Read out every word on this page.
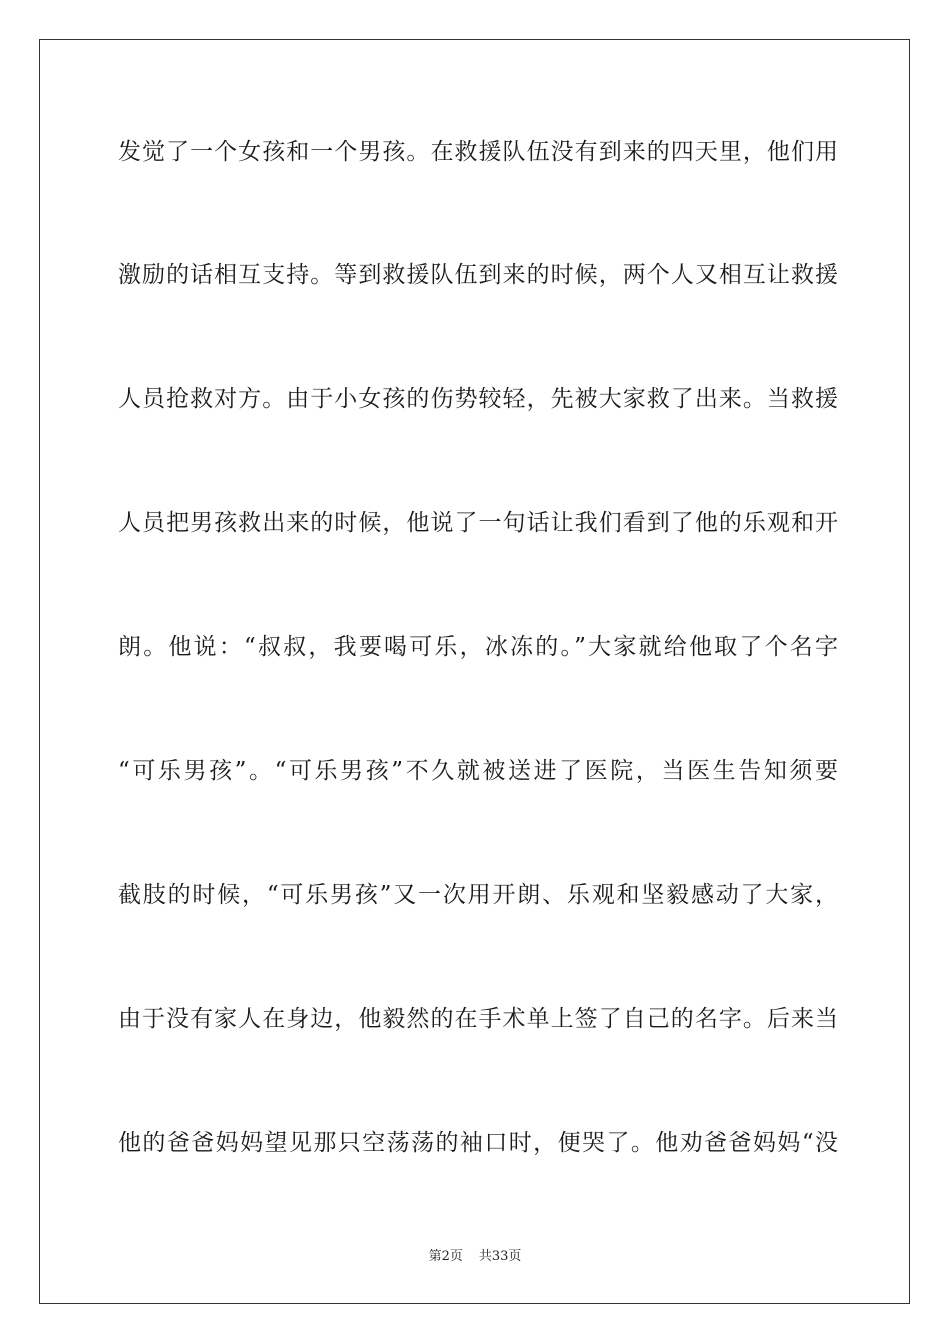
发觉了一个女孩和一个男孩。在救援队伍没有到来的四天里，他们用
激励的话相互支持。等到救援队伍到来的时候，两个人又相互让救援
人员抢救对方。由于小女孩的伤势较轻，先被大家救了出来。当救援
人员把男孩救出来的时候，他说了一句话让我们看到了他的乐观和开
朗。他说：“叔叔，我要喝可乐，冰冻的。”大家就给他取了个名字
“可乐男孩”。“可乐男孩”不久就被送进了医院，当医生告知须要
截肢的时候，“可乐男孩”又一次用开朗、乐观和坚毅感动了大家，
由于没有家人在身边，他毅然的在手术单上签了自己的名字。后来当
他的爸爸妈妈望见那只空荡荡的袖口时，便哭了。他劝爸爸妈妈“没
第2页 共33页
